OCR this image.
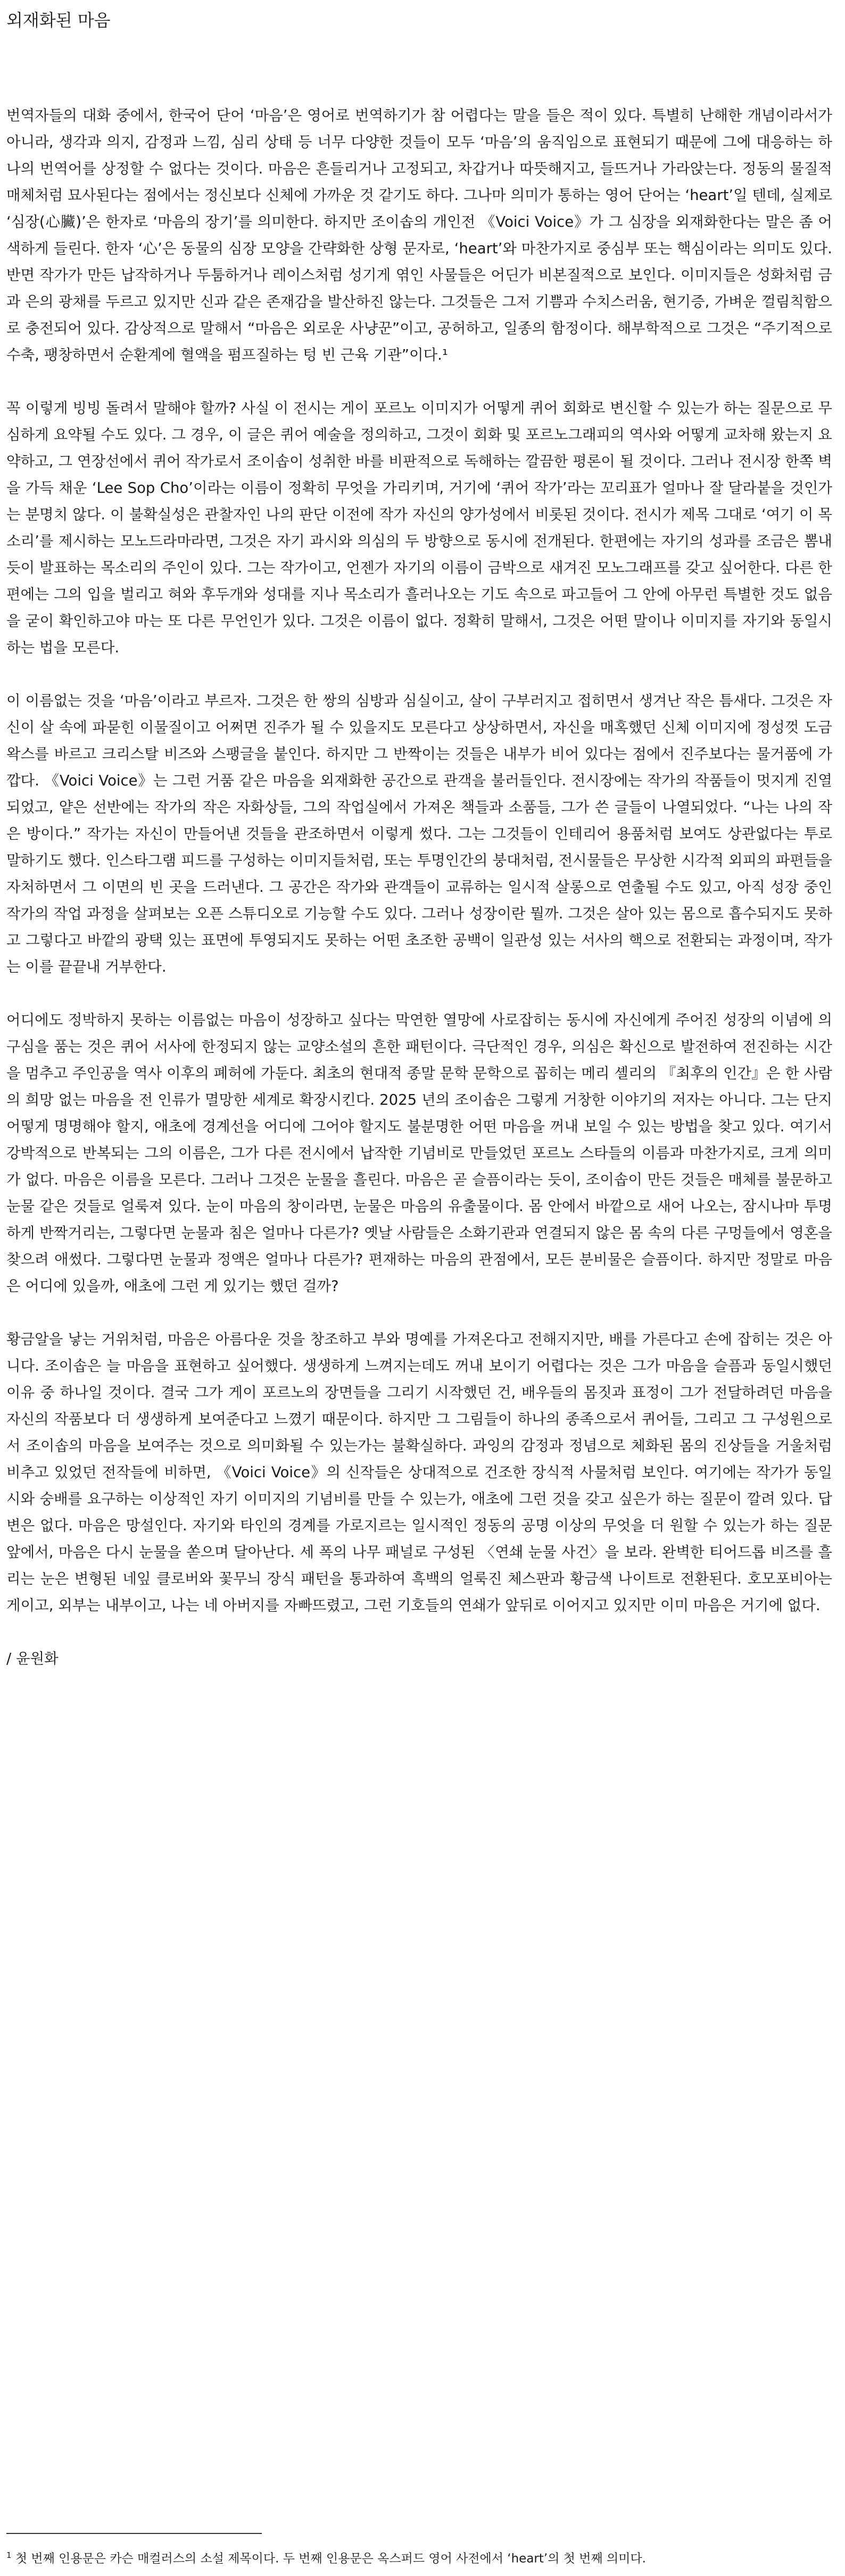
외재화된 마음

번역자들의 대화 중에서, 한국어 단어 ‘마음’은 영어로 번역하기가 참 어렵다는 말을 들은 적이 있다. 특별히 난해한 개념이라서가 아니라, 생각과 의지, 감정과 느낌, 심리 상태 등 너무 다양한 것들이 모두 ‘마음’의 움직임으로 표현되기 때문에 그에 대응하는 하나의 번역어를 상정할 수 없다는 것이다. 마음은 흔들리거나 고정되고, 차갑거나 따뜻해지고, 들뜨거나 가라앉는다. 정동의 물질적 매체처럼 묘사된다는 점에서는 정신보다 신체에 가까운 것 같기도 하다. 그나마 의미가 통하는 영어 단어는 ‘heart’일 텐데, 실제로 ‘심장(心臟)’은 한자로 ‘마음의 장기’를 의미한다. 하지만 조이솝의 개인전 《Voici Voice》가 그 심장을 외재화한다는 말은 좀 어색하게 들린다. 한자 ‘心’은 동물의 심장 모양을 간략화한 상형 문자로, ‘heart’와 마찬가지로 중심부 또는 핵심이라는 의미도 있다. 반면 작가가 만든 납작하거나 두툼하거나 레이스처럼 성기게 엮인 사물들은 어딘가 비본질적으로 보인다. 이미지들은 성화처럼 금과 은의 광채를 두르고 있지만 신과 같은 존재감을 발산하진 않는다. 그것들은 그저 기쁨과 수치스러움, 현기증, 가벼운 껄림칙함으로 충전되어 있다. 감상적으로 말해서 “마음은 외로운 사냥꾼”이고, 공허하고, 일종의 함정이다. 해부학적으로 그것은 “주기적으로 수축, 팽창하면서 순환계에 혈액을 펌프질하는 텅 빈 근육 기관”이다.¹

꼭 이렇게 빙빙 돌려서 말해야 할까? 사실 이 전시는 게이 포르노 이미지가 어떻게 퀴어 회화로 변신할 수 있는가 하는 질문으로 무심하게 요약될 수도 있다. 그 경우, 이 글은 퀴어 예술을 정의하고, 그것이 회화 및 포르노그래피의 역사와 어떻게 교차해 왔는지 요약하고, 그 연장선에서 퀴어 작가로서 조이솝이 성취한 바를 비판적으로 독해하는 깔끔한 평론이 될 것이다. 그러나 전시장 한쪽 벽을 가득 채운 ‘Lee Sop Cho’이라는 이름이 정확히 무엇을 가리키며, 거기에 ‘퀴어 작가’라는 꼬리표가 얼마나 잘 달라붙을 것인가는 분명치 않다. 이 불확실성은 관찰자인 나의 판단 이전에 작가 자신의 양가성에서 비롯된 것이다. 전시가 제목 그대로 ‘여기 이 목소리’를 제시하는 모노드라마라면, 그것은 자기 과시와 의심의 두 방향으로 동시에 전개된다. 한편에는 자기의 성과를 조금은 뽐내듯이 발표하는 목소리의 주인이 있다. 그는 작가이고, 언젠가 자기의 이름이 금박으로 새겨진 모노그래프를 갖고 싶어한다. 다른 한편에는 그의 입을 벌리고 혀와 후두개와 성대를 지나 목소리가 흘러나오는 기도 속으로 파고들어 그 안에 아무런 특별한 것도 없음을 굳이 확인하고야 마는 또 다른 무언인가 있다. 그것은 이름이 없다. 정확히 말해서, 그것은 어떤 말이나 이미지를 자기와 동일시하는 법을 모른다.

이 이름없는 것을 ‘마음’이라고 부르자. 그것은 한 쌍의 심방과 심실이고, 살이 구부러지고 접히면서 생겨난 작은 틈새다. 그것은 자신이 살 속에 파묻힌 이물질이고 어쩌면 진주가 될 수 있을지도 모른다고 상상하면서, 자신을 매혹했던 신체 이미지에 정성껏 도금 왁스를 바르고 크리스탈 비즈와 스팽글을 붙인다. 하지만 그 반짝이는 것들은 내부가 비어 있다는 점에서 진주보다는 물거품에 가깝다. 《Voici Voice》는 그런 거품 같은 마음을 외재화한 공간으로 관객을 불러들인다. 전시장에는 작가의 작품들이 멋지게 진열되었고, 얕은 선반에는 작가의 작은 자화상들, 그의 작업실에서 가져온 책들과 소품들, 그가 쓴 글들이 나열되었다. “나는 나의 작은 방이다.” 작가는 자신이 만들어낸 것들을 관조하면서 이렇게 썼다. 그는 그것들이 인테리어 용품처럼 보여도 상관없다는 투로 말하기도 했다. 인스타그램 피드를 구성하는 이미지들처럼, 또는 투명인간의 붕대처럼, 전시물들은 무상한 시각적 외피의 파편들을 자처하면서 그 이면의 빈 곳을 드러낸다. 그 공간은 작가와 관객들이 교류하는 일시적 살롱으로 연출될 수도 있고, 아직 성장 중인 작가의 작업 과정을 살펴보는 오픈 스튜디오로 기능할 수도 있다. 그러나 성장이란 뭘까. 그것은 살아 있는 몸으로 흡수되지도 못하고 그렇다고 바깥의 광택 있는 표면에 투영되지도 못하는 어떤 초조한 공백이 일관성 있는 서사의 핵으로 전환되는 과정이며, 작가는 이를 끝끝내 거부한다.

어디에도 정박하지 못하는 이름없는 마음이 성장하고 싶다는 막연한 열망에 사로잡히는 동시에 자신에게 주어진 성장의 이념에 의구심을 품는 것은 퀴어 서사에 한정되지 않는 교양소설의 흔한 패턴이다. 극단적인 경우, 의심은 확신으로 발전하여 전진하는 시간을 멈추고 주인공을 역사 이후의 폐허에 가둔다. 최초의 현대적 종말 문학 문학으로 꼽히는 메리 셸리의 『최후의 인간』은 한 사람의 희망 없는 마음을 전 인류가 멸망한 세계로 확장시킨다. 2025 년의 조이솝은 그렇게 거창한 이야기의 저자는 아니다. 그는 단지 어떻게 명명해야 할지, 애초에 경계선을 어디에 그어야 할지도 불분명한 어떤 마음을 꺼내 보일 수 있는 방법을 찾고 있다. 여기서 강박적으로 반복되는 그의 이름은, 그가 다른 전시에서 납작한 기념비로 만들었던 포르노 스타들의 이름과 마찬가지로, 크게 의미가 없다. 마음은 이름을 모른다. 그러나 그것은 눈물을 흘린다. 마음은 곧 슬픔이라는 듯이, 조이솝이 만든 것들은 매체를 불문하고 눈물 같은 것들로 얼룩져 있다. 눈이 마음의 창이라면, 눈물은 마음의 유출물이다. 몸 안에서 바깥으로 새어 나오는, 잠시나마 투명하게 반짝거리는, 그렇다면 눈물과 침은 얼마나 다른가? 옛날 사람들은 소화기관과 연결되지 않은 몸 속의 다른 구멍들에서 영혼을 찾으려 애썼다. 그렇다면 눈물과 정액은 얼마나 다른가? 편재하는 마음의 관점에서, 모든 분비물은 슬픔이다. 하지만 정말로 마음은 어디에 있을까, 애초에 그런 게 있기는 했던 걸까?

황금알을 낳는 거위처럼, 마음은 아름다운 것을 창조하고 부와 명예를 가져온다고 전해지지만, 배를 가른다고 손에 잡히는 것은 아니다. 조이솝은 늘 마음을 표현하고 싶어했다. 생생하게 느껴지는데도 꺼내 보이기 어렵다는 것은 그가 마음을 슬픔과 동일시했던 이유 중 하나일 것이다. 결국 그가 게이 포르노의 장면들을 그리기 시작했던 건, 배우들의 몸짓과 표정이 그가 전달하려던 마음을 자신의 작품보다 더 생생하게 보여준다고 느꼈기 때문이다. 하지만 그 그림들이 하나의 종족으로서 퀴어들, 그리고 그 구성원으로서 조이솝의 마음을 보여주는 것으로 의미화될 수 있는가는 불확실하다. 과잉의 감정과 정념으로 체화된 몸의 진상들을 거울처럼 비추고 있었던 전작들에 비하면, 《Voici Voice》의 신작들은 상대적으로 건조한 장식적 사물처럼 보인다. 여기에는 작가가 동일시와 숭배를 요구하는 이상적인 자기 이미지의 기념비를 만들 수 있는가, 애초에 그런 것을 갖고 싶은가 하는 질문이 깔려 있다. 답변은 없다. 마음은 망설인다. 자기와 타인의 경계를 가로지르는 일시적인 정동의 공명 이상의 무엇을 더 원할 수 있는가 하는 질문 앞에서, 마음은 다시 눈물을 쏟으며 달아난다. 세 폭의 나무 패널로 구성된 〈연쇄 눈물 사건〉을 보라. 완벽한 티어드롭 비즈를 흘리는 눈은 변형된 네잎 클로버와 꽃무늬 장식 패턴을 통과하여 흑백의 얼룩진 체스판과 황금색 나이트로 전환된다. 호모포비아는 게이고, 외부는 내부이고, 나는 네 아버지를 자빠뜨렸고, 그런 기호들의 연쇄가 앞뒤로 이어지고 있지만 이미 마음은 거기에 없다.

/ 윤원화

$^1$ 첫 번째 인용문은 카슨 매컬러스의 소설 제목이다. 두 번째 인용문은 옥스퍼드 영어 사전에서 ‘heart’의 첫 번째 의미다.
